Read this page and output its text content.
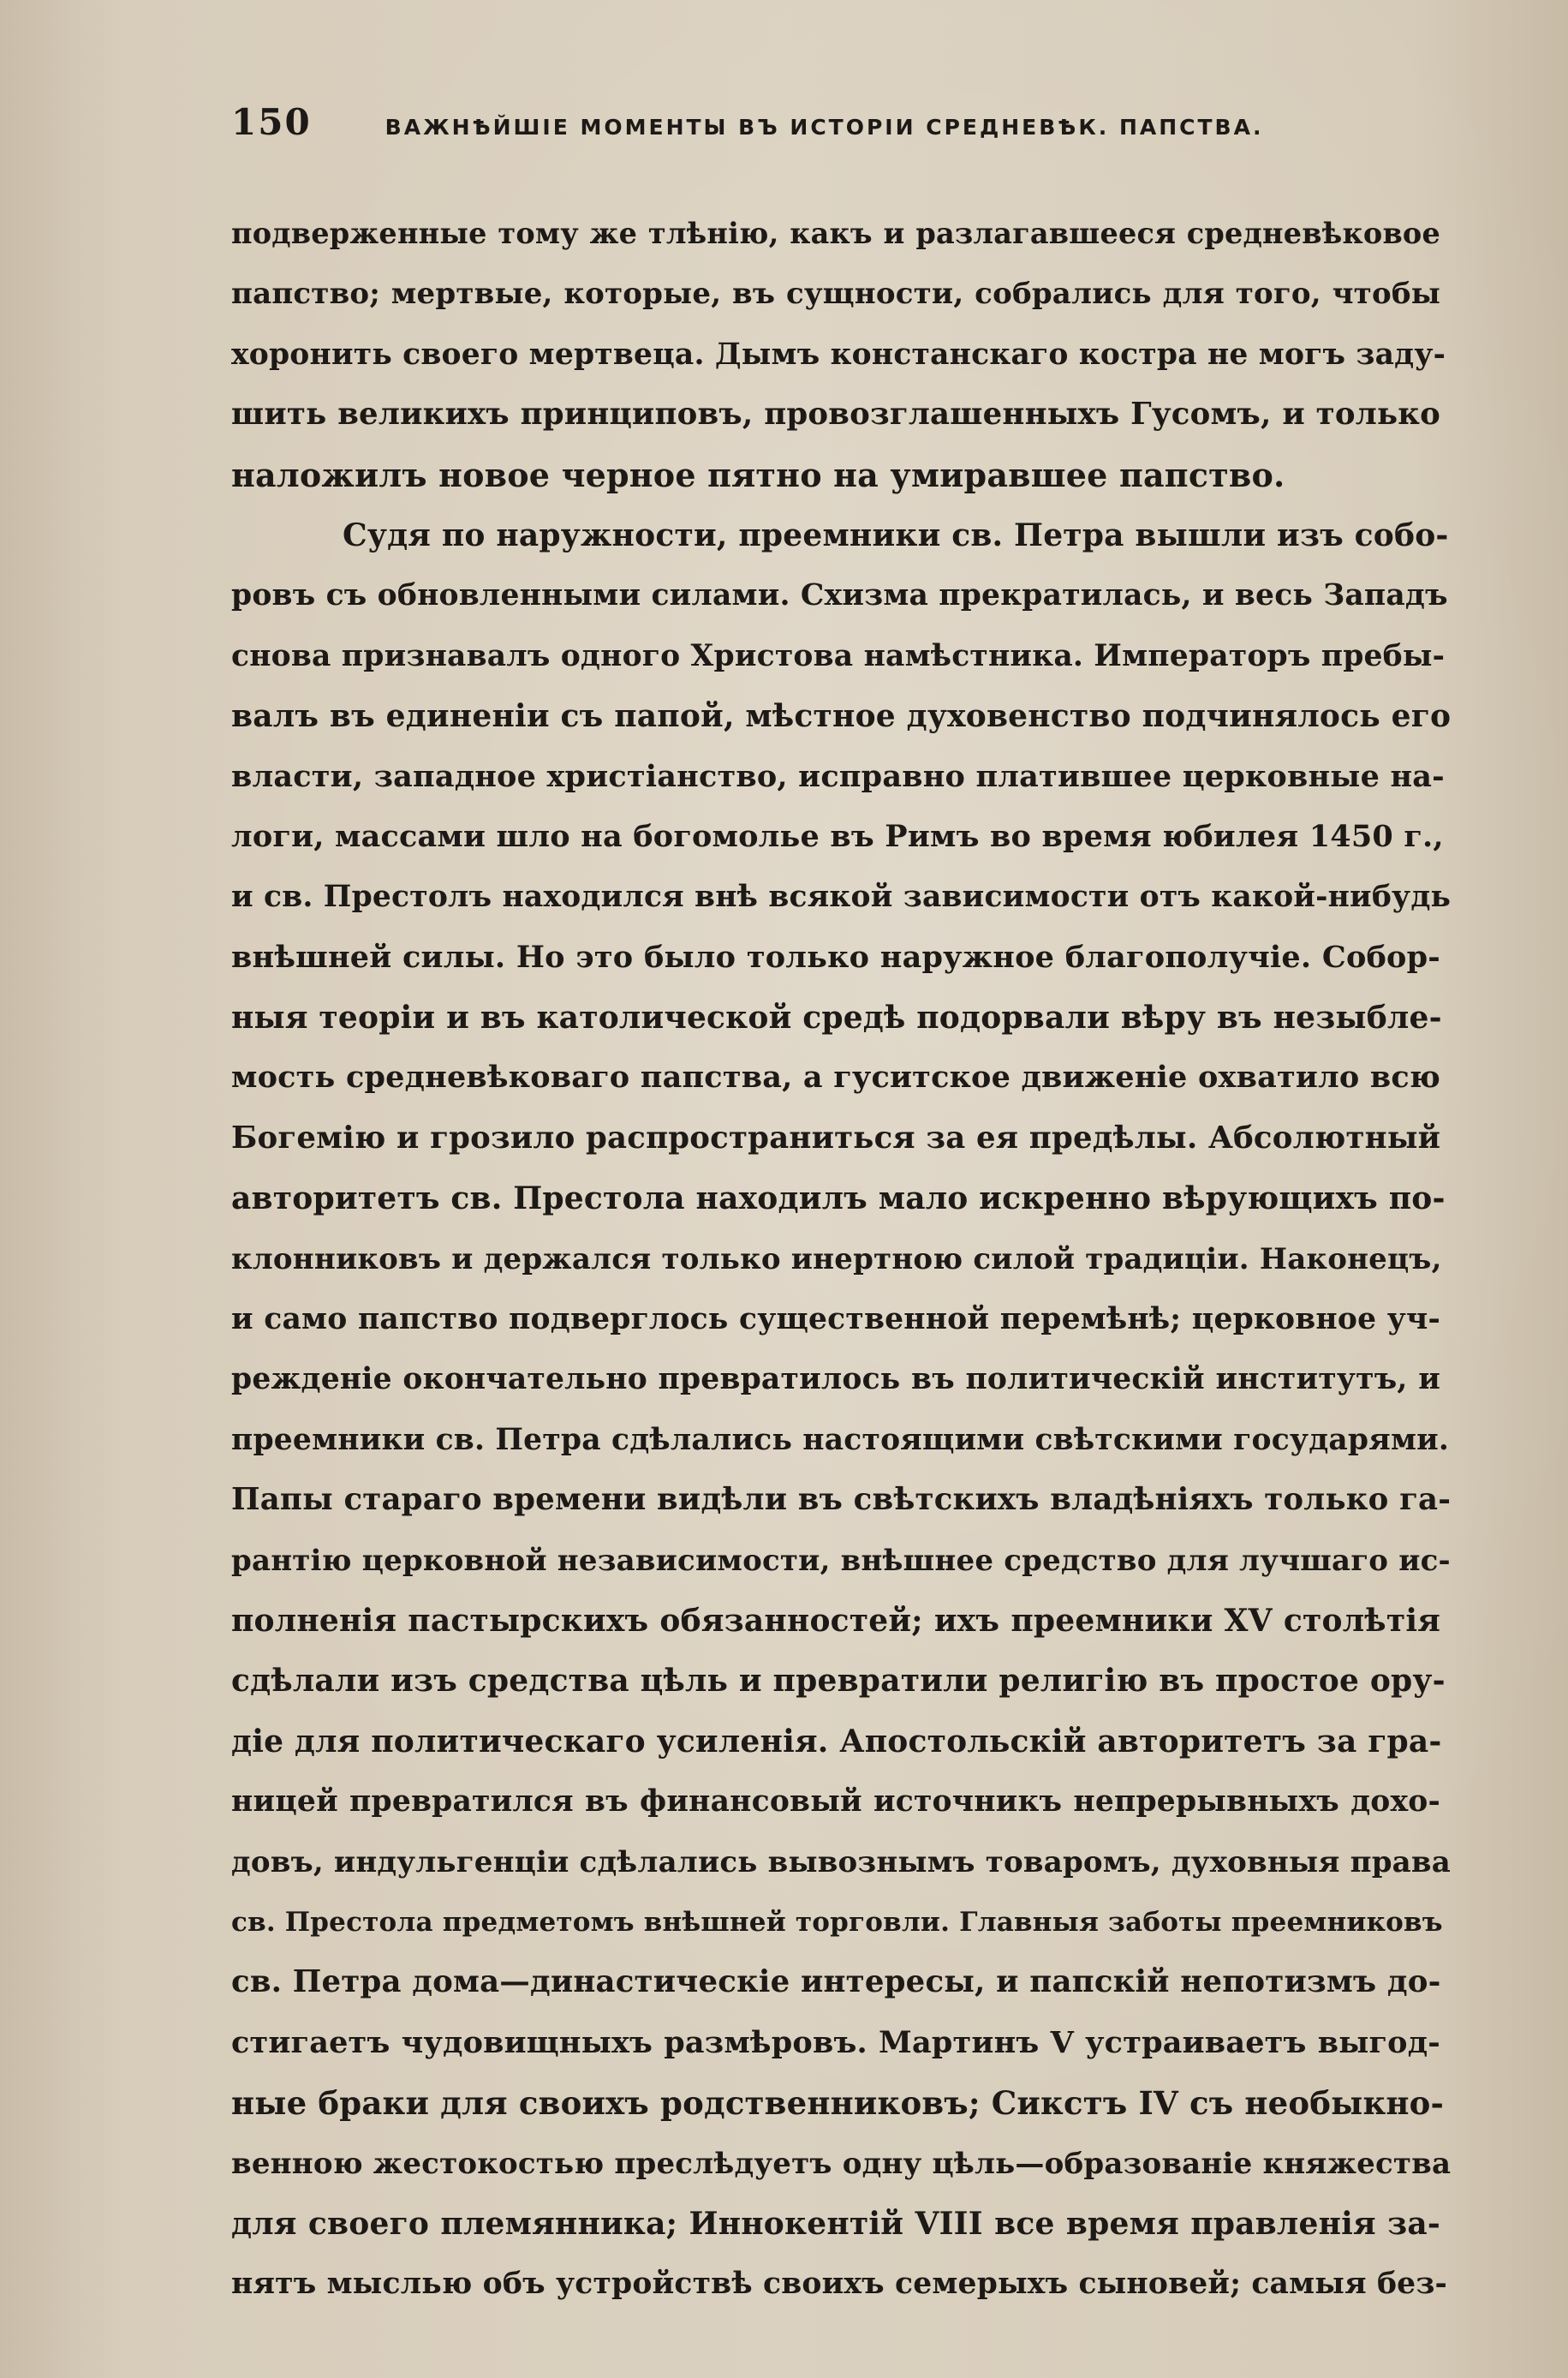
150	ВАЖНѢЙШІЕ МОМЕНТЫ ВЪ ИСТОРІИ СРЕДНЕВѢК. ПАПСТВА.
подверженные тому же тлѣнію, какъ и разлагавшееся средневѣковое
папство; мертвые, которые, въ сущности, собрались для того, чтобы
хоронить своего мертвеца. Дымъ констанскаго костра не могъ заду-
шить великихъ принциповъ, провозглашенныхъ Гусомъ, и только
наложилъ новое черное пятно на умиравшее папство.
Судя по наружности, преемники св. Петра вышли изъ собо-
ровъ съ обновленными силами. Схизма прекратилась, и весь Западъ
снова признавалъ одного Христова намѣстника. Императоръ пребы-
валъ въ единеніи съ папой, мѣстное духовенство подчинялось его
власти, западное христіанство, исправно платившее церковные на-
логи, массами шло на богомолье въ Римъ во время юбилея 1450 г.,
и св. Престолъ находился внѣ всякой зависимости отъ какой-нибудь
внѣшней силы. Но это было только наружное благополучіе. Собор-
ныя теоріи и въ католической средѣ подорвали вѣру въ незыбле-
мость средневѣковаго папства, а гуситское движеніе охватило всю
Богемію и грозило распространиться за ея предѣлы. Абсолютный
авторитетъ св. Престола находилъ мало искренно вѣрующихъ по-
клонниковъ и держался только инертною силой традиціи. Наконецъ,
и само папство подверглось существенной перемѣнѣ; церковное уч-
режденіе окончательно превратилось въ политическій институтъ, и
преемники св. Петра сдѣлались настоящими свѣтскими государями.
Папы стараго времени видѣли въ свѣтскихъ владѣніяхъ только га-
рантію церковной независимости, внѣшнее средство для лучшаго ис-
полненія пастырскихъ обязанностей; ихъ преемники XV столѣтія
сдѣлали изъ средства цѣль и превратили религію въ простое ору-
діе для политическаго усиленія. Апостольскій авторитетъ за гра-
ницей превратился въ финансовый источникъ непрерывныхъ дохо-
довъ, индульгенціи сдѣлались вывознымъ товаромъ, духовныя права
св. Престола предметомъ внѣшней торговли. Главныя заботы преемниковъ
св. Петра дома—династическіе интересы, и папскій непотизмъ до-
стигаетъ чудовищныхъ размѣровъ. Мартинъ V устраиваетъ выгод-
ные браки для своихъ родственниковъ; Сикстъ IV съ необыкно-
венною жестокостью преслѣдуетъ одну цѣль—образованіе княжества
для своего племянника; Иннокентій VIII все время правленія за-
нятъ мыслью объ устройствѣ своихъ семерыхъ сыновей; самыя без-
